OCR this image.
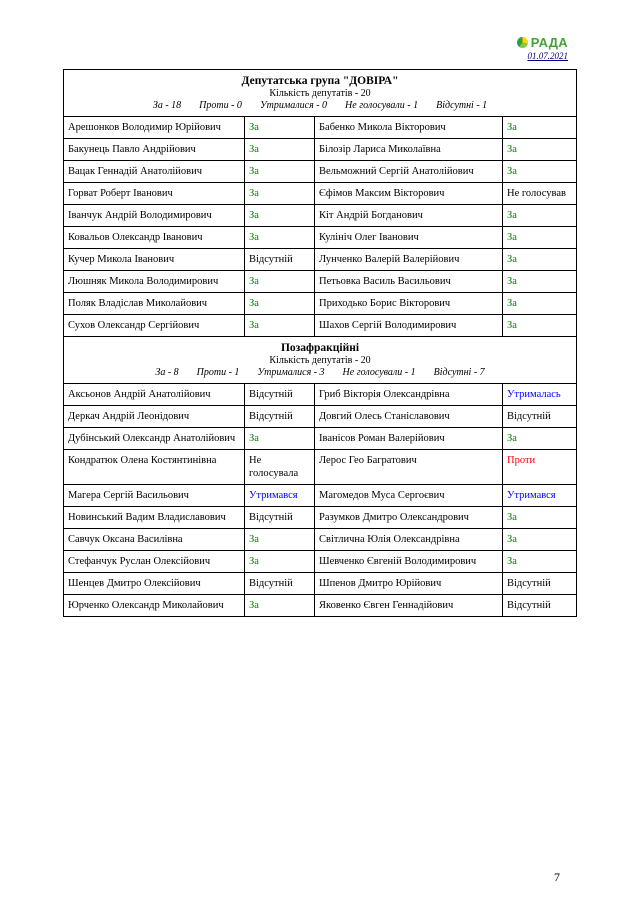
РАДА
01.07.2021
Депутатська група "ДОВІРА"
Кількість депутатів - 20
За - 18 Проти - 0 Утрималися - 0 Не голосували - 1 Відсутні - 1			

Арешонков Володимир Юрійович	За	Бабенко Микола Вікторович	За
Бакунець Павло Андрійович	За	Білозір Лариса Миколаївна	За
Вацак Геннадій Анатолійович	За	Вельможний Сергій Анатолійович	За
Горват Роберт Іванович	За	Єфімов Максим Вікторович	Не голосував
Іванчук Андрій Володимирович	За	Кіт Андрій Богданович	За
Ковальов Олександр Іванович	За	Кулініч Олег Іванович	За
Кучер Микола Іванович	Відсутній	Лунченко Валерій Валерійович	За
Люшняк Микола Володимирович	За	Петьовка Василь Васильович	За
Поляк Владіслав Миколайович	За	Приходько Борис Вікторович	За
Сухов Олександр Сергійович	За	Шахов Сергій Володимирович	За
Позафракційні
Кількість депутатів - 20
За - 8 Проти - 1 Утрималися - 3 Не голосували - 1 Відсутні - 7			

Аксьонов Андрій Анатолійович	Відсутній	Гриб Вікторія Олександрівна	Утрималась
Деркач Андрій Леонідович	Відсутній	Довгий Олесь Станіславович	Відсутній
Дубінський Олександр Анатолійович	За	Іванісов Роман Валерійович	За
Кондратюк Олена Костянтинівна	Не голосувала	Лерос Гео Багратович	Проти
Магера Сергій Васильович	Утримався	Магомедов Муса Сергоєвич	Утримався
Новинський Вадим Владиславович	Відсутній	Разумков Дмитро Олександрович	За
Савчук Оксана Василівна	За	Світлична Юлія Олександрівна	За
Стефанчук Руслан Олексійович	За	Шевченко Євгеній Володимирович	За
Шенцев Дмитро Олексійович	Відсутній	Шпенов Дмитро Юрійович	Відсутній
Юрченко Олександр Миколайович	За	Яковенко Євген Геннадійович	Відсутній
7
